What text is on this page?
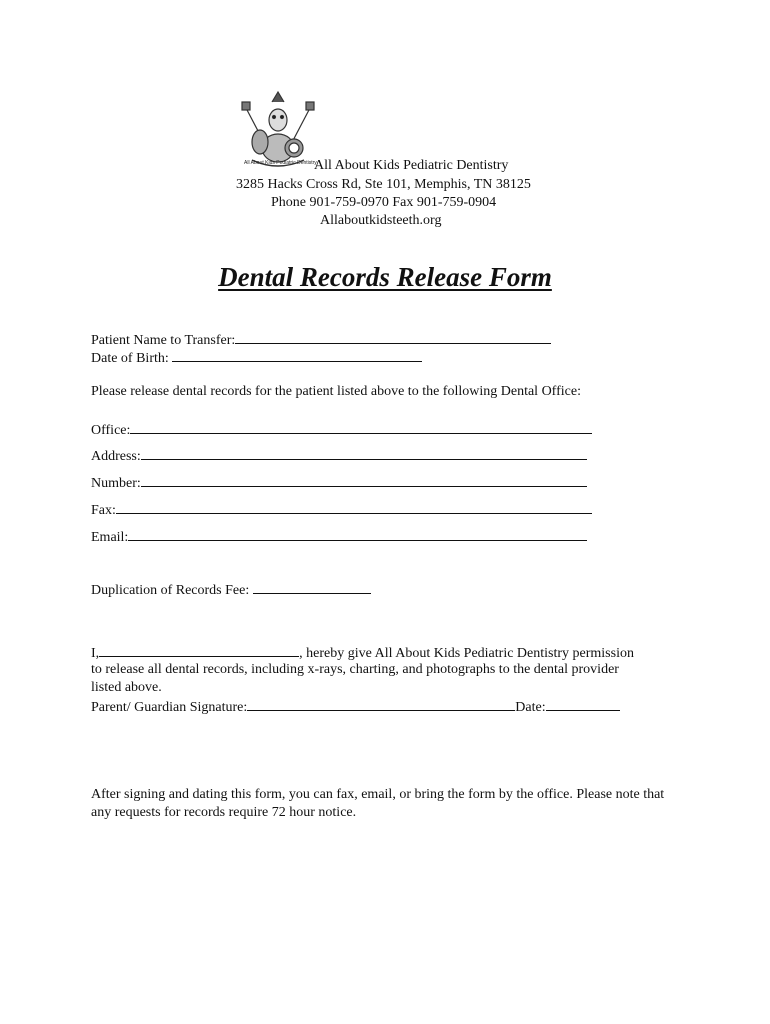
All About Kids Pediatric Dentistry
All About Kids Pediatric Dentistry
3285 Hacks Cross Rd, Ste 101, Memphis, TN 38125
Phone 901-759-0970 Fax 901-759-0904
Allaboutkidsteeth.org
Dental Records Release Form
Patient Name to Transfer:
Date of Birth:
Please release dental records for the patient listed above to the following Dental Office:
Office:
Address:
Number:
Fax:
Email:
Duplication of Records Fee:
I,	, hereby give All About Kids Pediatric Dentistry permission
to release all dental records, including x-rays, charting, and photographs to the dental provider
listed above.
Parent/ Guardian Signature:	Date:
After signing and dating this form, you can fax, email, or bring the form by the office. Please note that any requests for records require 72 hour notice.
